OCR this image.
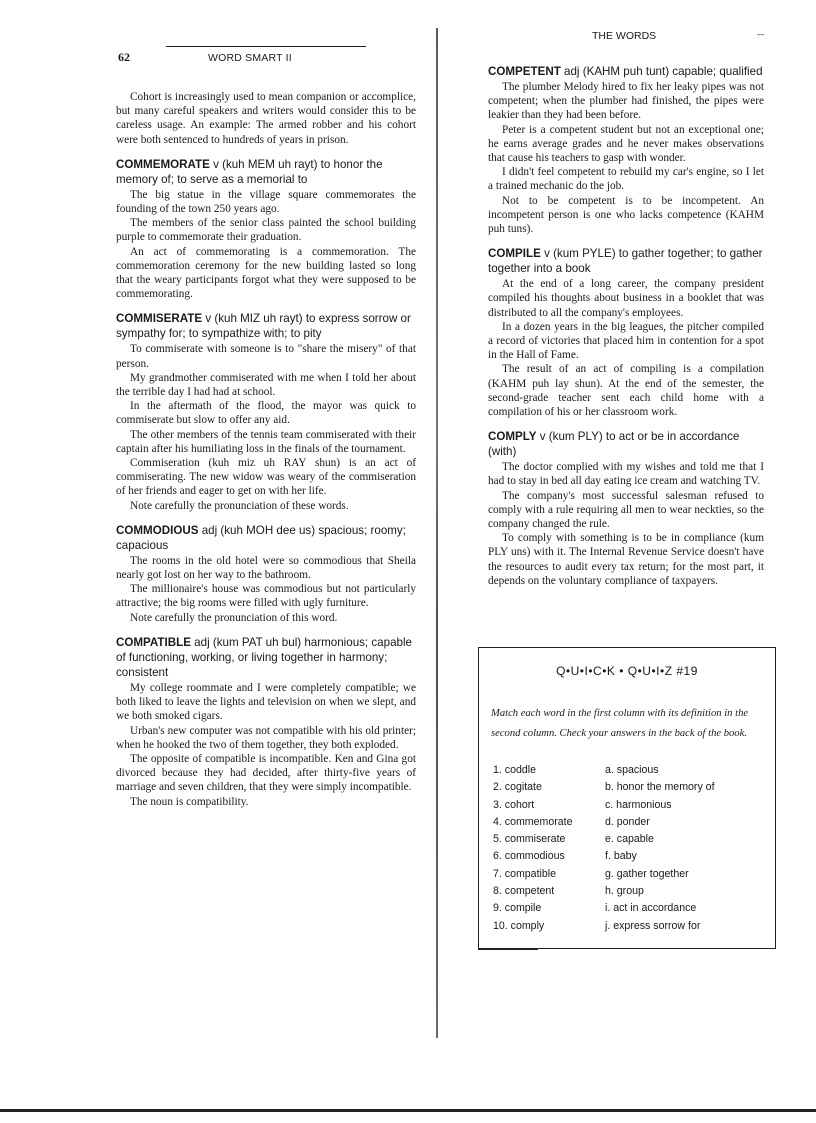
62	WORD SMART II
THE WORDS	˗˗

Cohort is increasingly used to mean companion or accomplice, but many careful speakers and writers would consider this to be careless usage. An example: The armed robber and his cohort were both sentenced to hundreds of years in prison.

COMMEMORATE v (kuh MEM uh rayt) to honor the memory of; to serve as a memorial to

The big statue in the village square commemorates the founding of the town 250 years ago.

The members of the senior class painted the school building purple to commemorate their graduation.

An act of commemorating is a commemoration. The commemoration ceremony for the new building lasted so long that the weary participants forgot what they were supposed to be commemorating.

COMMISERATE v (kuh MIZ uh rayt) to express sorrow or sympathy for; to sympathize with; to pity

To commiserate with someone is to "share the misery" of that person.

My grandmother commiserated with me when I told her about the terrible day I had had at school.

In the aftermath of the flood, the mayor was quick to commiserate but slow to offer any aid.

The other members of the tennis team commiserated with their captain after his humiliating loss in the finals of the tournament.

Commiseration (kuh miz uh RAY shun) is an act of commiserating. The new widow was weary of the commiseration of her friends and eager to get on with her life.

Note carefully the pronunciation of these words.

COMMODIOUS adj (kuh MOH dee us) spacious; roomy; capacious

The rooms in the old hotel were so commodious that Sheila nearly got lost on her way to the bathroom.

The millionaire's house was commodious but not particularly attractive; the big rooms were filled with ugly furniture.

Note carefully the pronunciation of this word.

COMPATIBLE adj (kum PAT uh bul) harmonious; capable of functioning, working, or living together in harmony; consistent

My college roommate and I were completely compatible; we both liked to leave the lights and television on when we slept, and we both smoked cigars.

Urban's new computer was not compatible with his old printer; when he hooked the two of them together, they both exploded.

The opposite of compatible is incompatible. Ken and Gina got divorced because they had decided, after thirty-five years of marriage and seven children, that they were simply incompatible.

The noun is compatibility.

COMPETENT adj (KAHM puh tunt) capable; qualified

The plumber Melody hired to fix her leaky pipes was not competent; when the plumber had finished, the pipes were leakier than they had been before.

Peter is a competent student but not an exceptional one; he earns average grades and he never makes observations that cause his teachers to gasp with wonder.

I didn't feel competent to rebuild my car's engine, so I let a trained mechanic do the job.

Not to be competent is to be incompetent. An incompetent person is one who lacks competence (KAHM puh tuns).

COMPILE v (kum PYLE) to gather together; to gather together into a book

At the end of a long career, the company president compiled his thoughts about business in a booklet that was distributed to all the company's employees.

In a dozen years in the big leagues, the pitcher compiled a record of victories that placed him in contention for a spot in the Hall of Fame.

The result of an act of compiling is a compilation (KAHM puh lay shun). At the end of the semester, the second-grade teacher sent each child home with a compilation of his or her classroom work.

COMPLY v (kum PLY) to act or be in accordance (with)

The doctor complied with my wishes and told me that I had to stay in bed all day eating ice cream and watching TV.

The company's most successful salesman refused to comply with a rule requiring all men to wear neckties, so the company changed the rule.

To comply with something is to be in compliance (kum PLY uns) with it. The Internal Revenue Service doesn't have the resources to audit every tax return; for the most part, it depends on the voluntary compliance of taxpayers.

Q•U•I•C•K • Q•U•I•Z #19
Match each word in the first column with its definition in the second column. Check your answers in the back of the book.
1. coddle	a. spacious
2. cogitate	b. honor the memory of
3. cohort	c. harmonious
4. commemorate	d. ponder
5. commiserate	e. capable
6. commodious	f. baby
7. compatible	g. gather together
8. competent	h. group
9. compile	i. act in accordance
10. comply	j. express sorrow for
